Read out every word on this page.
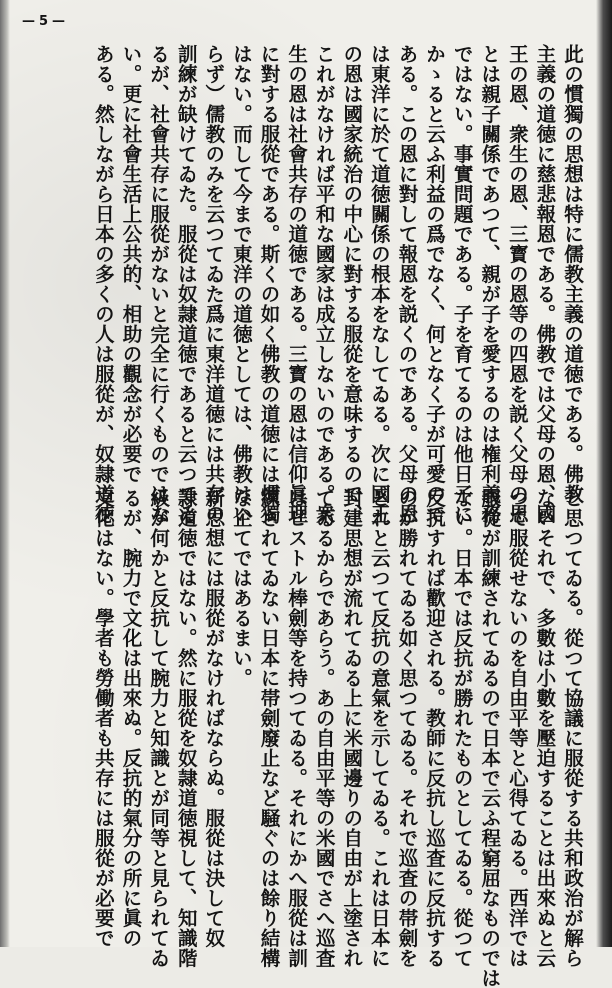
—5—

此の慣獨の思想は特に儒教主義の道徳である。佛教

主義の道徳に慈悲報恩である。佛教では父母の恩、國

王の恩、衆生の恩、三寳の恩等の四恩を説く父母の恩

とは親子關係であつて、親が子を愛するのは権利義務

ではない。事實問題である。子を育てるのは他日子に

かゝると云ふ利益の爲でなく、何となく子が可愛ので

ある。この恩に對して報恩を説くのである。父母の恩

は東洋に於て道徳關係の根本をなしてゐる。次に國王

の恩は國家統治の中心に對する服從を意味するので、

これがなければ平和な國家は成立しないのである。衆

生の恩は社會共存の道徳である。三寳の恩は信仰眞理

に對する服從である。斯くの如く佛教の道徳には慣獨

はない。而して今まで東洋の道徳としては、佛教はい

らず）儒教のみを云つてゐた爲に東洋道徳には共存の

訓練が缺けてゐた。服從は奴隷道徳であると云つてゐ

るが、社會共存に服從がないと完全に行くものではな

い。更に社會生活上公共的、相助の觀念が必要で

ある。然しながら日本の多くの人は服從が、奴隷道徳

と思つてゐる。從つて協議に服從する共和政治が解ら

ないそれで、多數は小數を壓迫することは出來ぬと云

つて服從せないのを自由平等と心得てゐる。西洋では

服從が訓練されてゐるので日本で云ふ程窮屈なものでは

ない。日本では反抗が勝れたものとしてゐる。從つて

反抗すれば歡迎される。教師に反抗し巡査に反抗する

のが勝れてゐる如く思つてゐる。それで巡査の帯劍を

とれと云つて反抗の意氣を示してゐる。これは日本に

封建思想が流れてゐる上に米國邊りの自由が上塗され

てゐるからであらう。あの自由平等の米國でさへ巡査

はピストル棒劍等を持つてゐる。それにかへ服從は訓

練されてゐない日本に帯劍廢止など騒ぐのは餘り結構

な企てではあるまい。

新思想には服從がなければならぬ。服從は決して奴

隷道徳ではない。然に服從を奴隷道徳視して、知識階

級が何かと反抗して腕力と知識とが同等と見られてゐ

るが、腕力で文化は出來ぬ。反抗的氣分の所に眞の

文化はない。學者も勞働者も共存には服從が必要で
